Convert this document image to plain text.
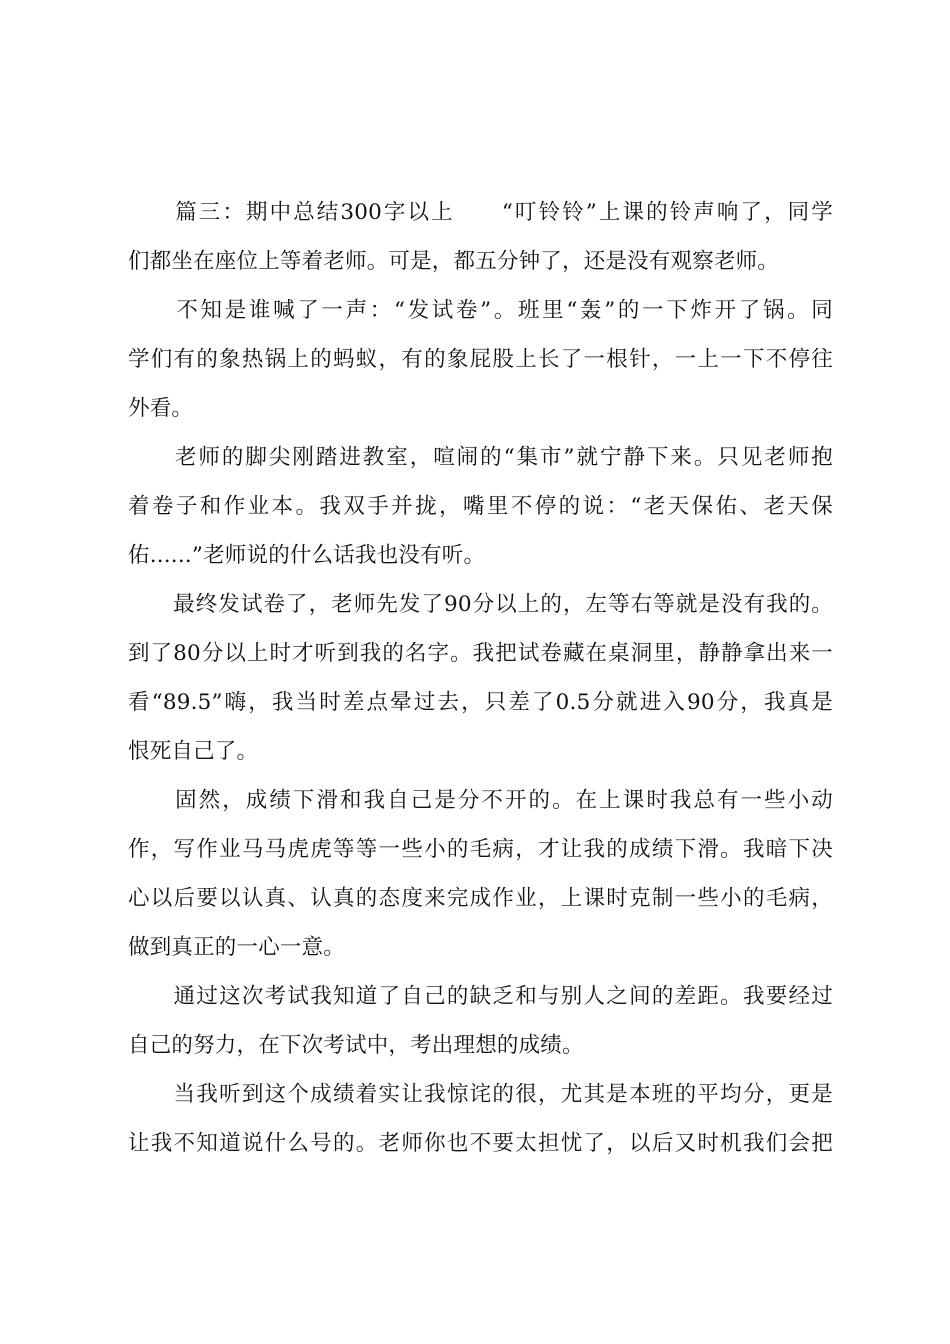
　　篇三：期中总结300字以上　　“叮铃铃”上课的铃声响了，同学
们都坐在座位上等着老师。可是，都五分钟了，还是没有观察老师。
　　不知是谁喊了一声：“发试卷”。班里“轰”的一下炸开了锅。同
学们有的象热锅上的蚂蚁，有的象屁股上长了一根针，一上一下不停往
外看。
　　老师的脚尖刚踏进教室，喧闹的“集市”就宁静下来。只见老师抱
着卷子和作业本。我双手并拢，嘴里不停的说：“老天保佑、老天保
佑......”老师说的什么话我也没有听。
　　最终发试卷了，老师先发了90分以上的，左等右等就是没有我的。
到了80分以上时才听到我的名字。我把试卷藏在桌洞里，静静拿出来一
看“89.5”嗨，我当时差点晕过去，只差了0.5分就进入90分，我真是
恨死自己了。
　　固然，成绩下滑和我自己是分不开的。在上课时我总有一些小动
作，写作业马马虎虎等等一些小的毛病，才让我的成绩下滑。我暗下决
心以后要以认真、认真的态度来完成作业，上课时克制一些小的毛病，
做到真正的一心一意。
　　通过这次考试我知道了自己的缺乏和与别人之间的差距。我要经过
自己的努力，在下次考试中，考出理想的成绩。
　　当我听到这个成绩着实让我惊诧的很，尤其是本班的平均分，更是
让我不知道说什么号的。老师你也不要太担忧了，以后又时机我们会把
